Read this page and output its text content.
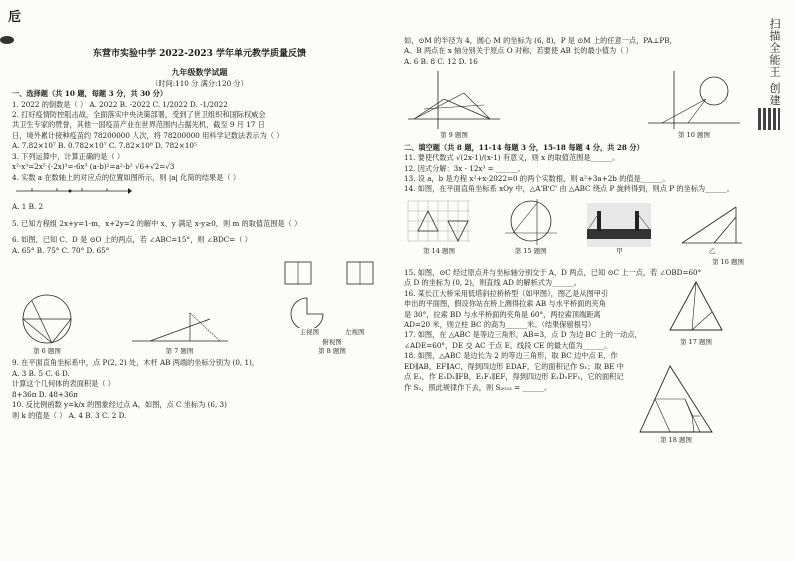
卮
东营市实验中学 2022-2023 学年单元教学质量反馈
九年级数学试题
（时间:110 分 满分:120 分）
一、选择题（共 10 题，每题 3 分，共 30 分）
1. 2022 的倒数是（ ） A. 2022 B. -2022 C. 1/2022 D. -1/2022
2. 打好疫情防控阻击战，全面落实中央决策部署，受到了世卫组织和国际权威会
共卫生专家的赞誉，其他一国疫苗产业在世界范围内占据先机，截至 9 月 17 日
日，境外累计接种疫苗约 78200000 人次，将 78200000 用科学记数法表示为（ ）
A. 7.82×10⁷ B. 0.782×10⁷ C. 7.82×10⁸ D. 782×10⁵
3. 下列运算中，计算正确的是（ ）
x²·x³=2x⁵ (-2x)³=-6x³ (a-b)²=a²-b² √6+√2=√3
4. 实数 a 在数轴上的对应点的位置如图所示，则 |a| 化简的结果是（ ）
A. 1 B. 2
5. 已知方程组 2x+y=1-m，x+2y=2 的解中 x、y 满足 x-y≥0，则 m 的取值范围是（ ）
6. 如图，已知 C、D 是 ⊙O 上的两点，若 ∠ABC=15°，则 ∠BDC=（ ）
A. 65° B. 75° C. 70° D. 65°
第 6 题图	第 7 题图
主视图	左视图
俯视图
第 8 题图
9. 在平面直角坐标系中，点 P(2, 2) 处，木杆 AB 两端的坐标分别为 (0, 1)，
A. 3 B. 5 C. 6 D.
计算这个几何体的表面积是（ ）
8+36π D. 48+36π
10. 反比例函数 y=k/x 的图象经过点 A，如图，点 C 坐标为 (6, 3)
则 k 的值是（ ） A. 4 B. 3 C. 2 D.
如，⊙M 的半径为 4，圆心 M 的坐标为 (6, 8)，P 是 ⊙M 上的任意一点，PA⊥PB，
A、B 两点在 x 轴分别关于原点 O 对称，若要使 AB 长的最小值为（ ）
A. 6 B. 8 C. 12 D. 16
第 9 题图	第 10 题图
二、填空题（共 8 题，11-14 每题 3 分，15-18 每题 4 分，共 28 分）
11. 要使代数式 √(2x-1)/(x-1) 有意义，则 x 的取值范围是______。
12. 因式分解：3x - 12x³ = ______。
13. 设 a，b 是方程 x²+x-2022=0 的两个实数根，则 a²+3a+2b 的值是______。
14. 如图，在平面直角坐标系 xOy 中，△A'B'C' 由 △ABC 绕点 P 旋转得到，则点 P 的坐标为______。
第 14 题图	第 15 题图	甲	乙
第 16 题图
15. 如图，⊙C 经过原点并与坐标轴分别交于 A、D 两点，已知 ⊙C 上一点，若 ∠OBD=60°
点 D 的坐标为 (0, 2)，则直线 AD 的解析式为______。
16. 某长江大桥采用低塔斜拉桥桥型（如甲图），图乙是从图甲引
申出的平面图，假设你站在桥上测得拉索 AB 与水平桥面的夹角
是 30°，拉索 BD 与水平桥面的夹角是 60°，两拉索顶端距离
AD=20 米，则立柱 BC 的高为______米。（结果保留根号）
17. 如图，在 △ABC 是等边三角形，AB=3，点 D 为边 BC 上的一动点，
∠ADE=60°，DE 交 AC 于点 E，线段 CE 的最大值为______。
18. 如图，△ABC 是边长为 2 的等边三角形，取 BC 边中点 E，作
ED∥AB，EF∥AC，得到四边形 EDAF，它的面积记作 S₁；取 BE 中
点 E₁，作 E₁D₁∥FB，E₁F₁∥EF，得到四边形 E₁D₁FF₁，它的面积记
作 S₂，照此规律作下去，则 S₂₀₂₂ = ______。
第 17 题图
第 18 题图
扫描全能王 创建
